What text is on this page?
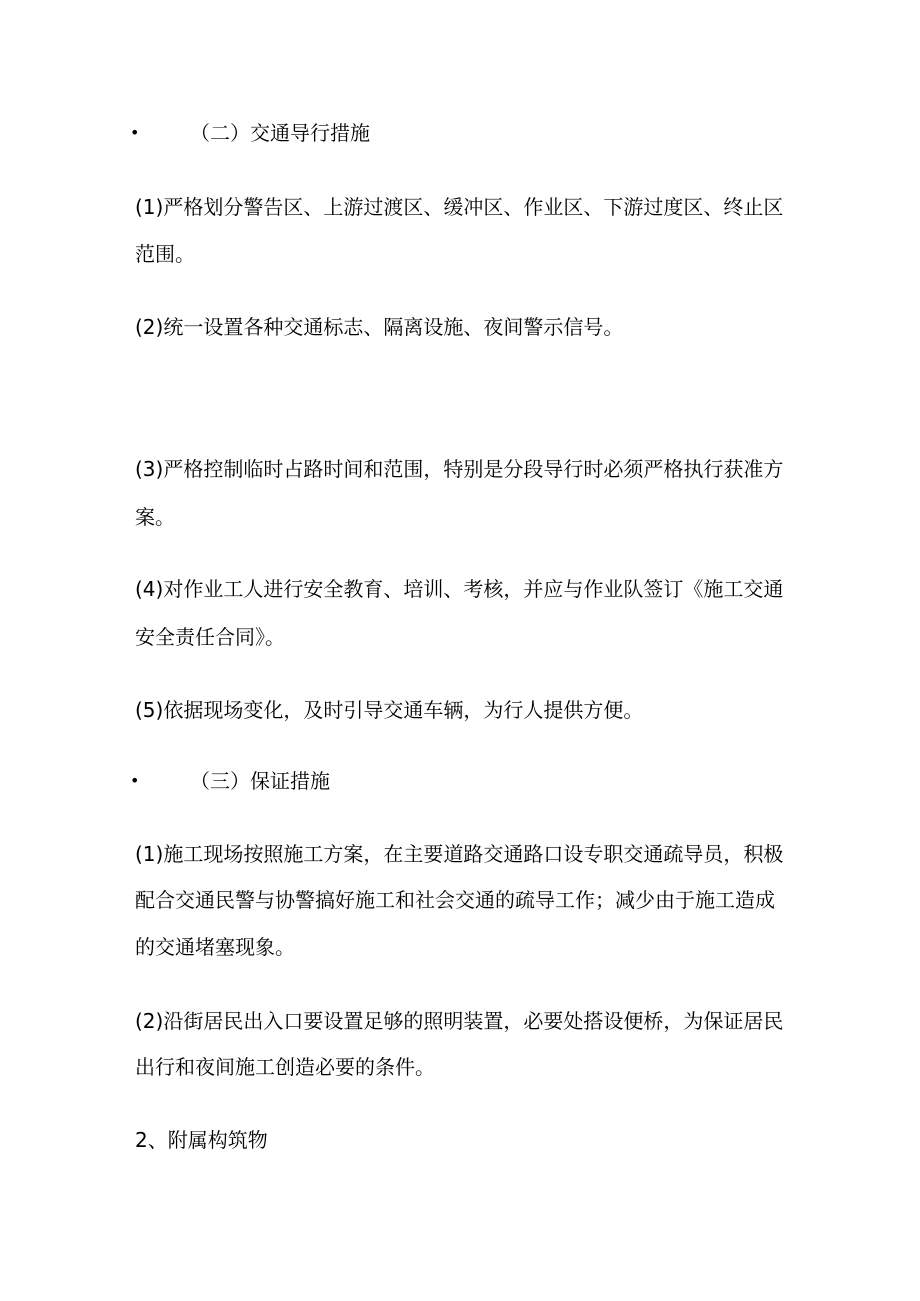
•	（二）交通导行措施
(1)严格划分警告区、上游过渡区、缓冲区、作业区、下游过度区、终止区
范围。
(2)统一设置各种交通标志、隔离设施、夜间警示信号。
(3)严格控制临时占路时间和范围，特别是分段导行时必须严格执行获准方
案。
(4)对作业工人进行安全教育、培训、考核，并应与作业队签订《施工交通
安全责任合同》。
(5)依据现场变化，及时引导交通车辆，为行人提供方便。
•	（三）保证措施
(1)施工现场按照施工方案，在主要道路交通路口设专职交通疏导员，积极
配合交通民警与协警搞好施工和社会交通的疏导工作；减少由于施工造成
的交通堵塞现象。
(2)沿街居民出入口要设置足够的照明装置，必要处搭设便桥，为保证居民
出行和夜间施工创造必要的条件。
2、附属构筑物
